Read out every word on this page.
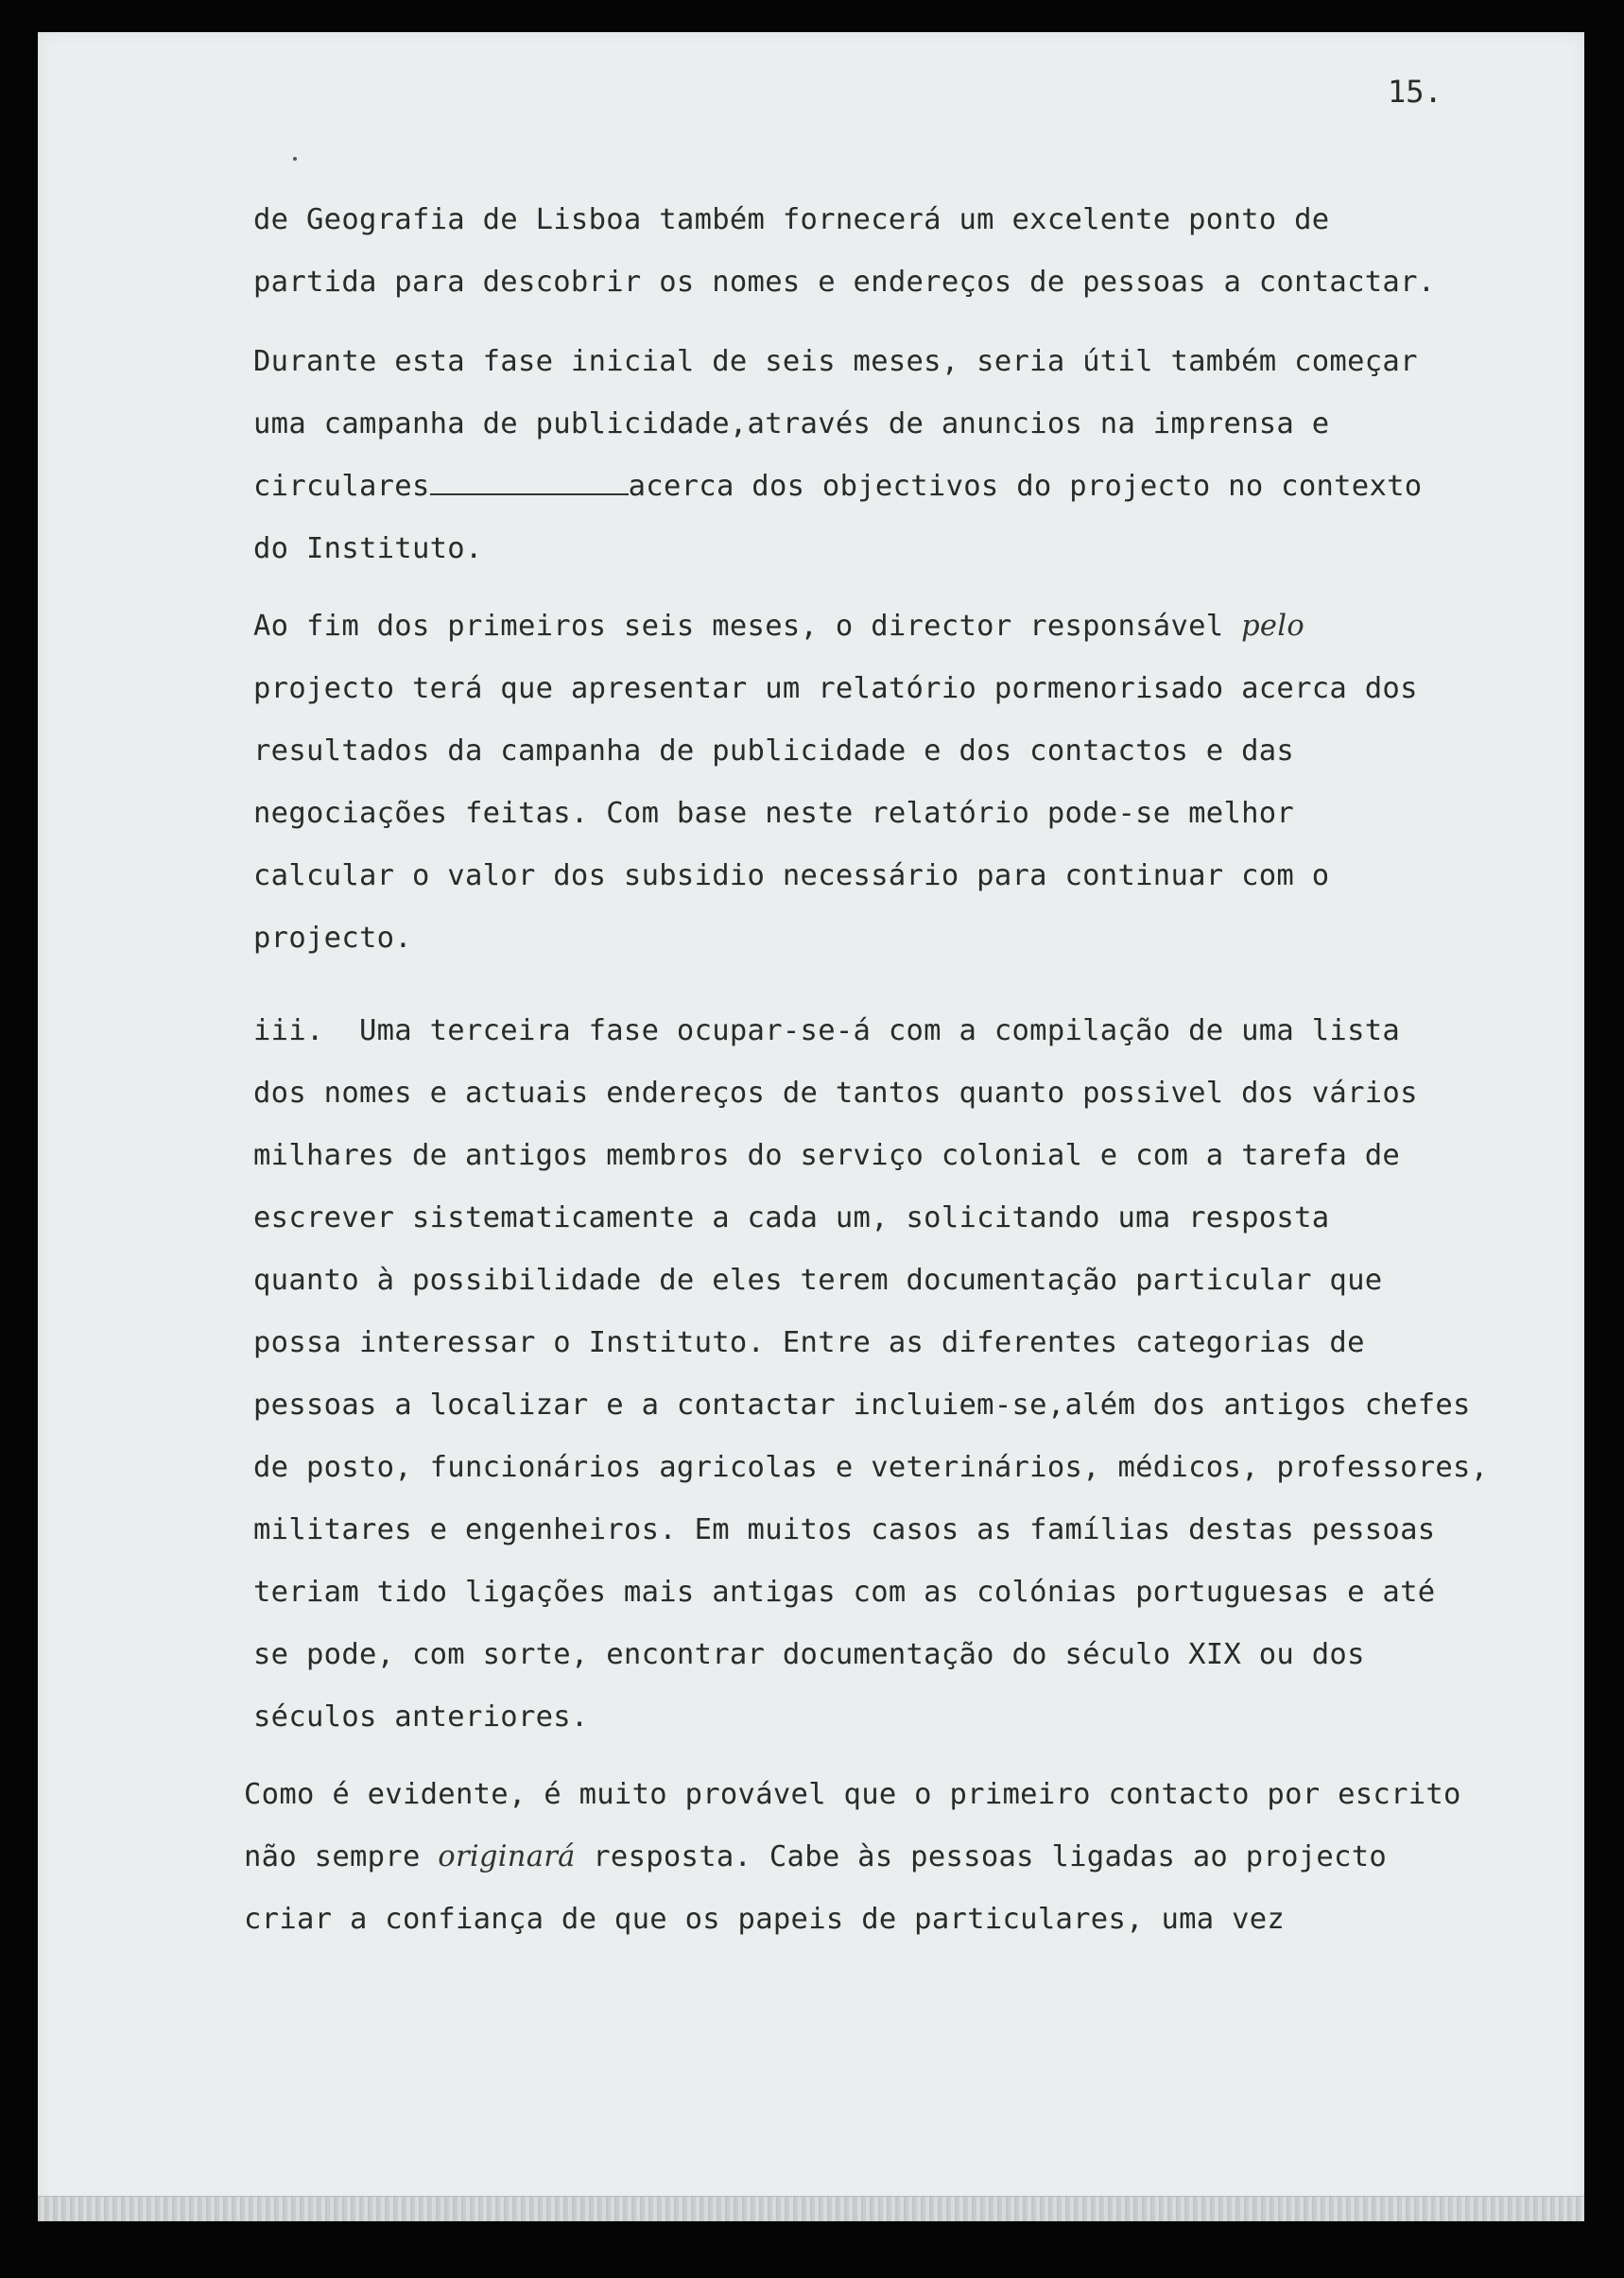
15.
de Geografia de Lisboa também fornecerá um excelente ponto de
partida para descobrir os nomes e endereços de pessoas a contactar.
Durante esta fase inicial de seis meses, seria útil também começar
uma campanha de publicidade,através de anuncios na imprensa e
circulares	acerca dos objectivos do projecto no contexto
do Instituto.
Ao fim dos primeiros seis meses, o director responsável pelo
projecto terá que apresentar um relatório pormenorisado acerca dos
resultados da campanha de publicidade e dos contactos e das
negociações feitas. Com base neste relatório pode-se melhor
calcular o valor dos subsidio necessário para continuar com o
projecto.
iii.  Uma terceira fase ocupar-se-á com a compilação de uma lista
dos nomes e actuais endereços de tantos quanto possivel dos vários
milhares de antigos membros do serviço colonial e com a tarefa de
escrever sistematicamente a cada um, solicitando uma resposta
quanto à possibilidade de eles terem documentação particular que
possa interessar o Instituto. Entre as diferentes categorias de
pessoas a localizar e a contactar incluiem-se,além dos antigos chefes
de posto, funcionários agricolas e veterinários, médicos, professores,
militares e engenheiros. Em muitos casos as famílias destas pessoas
teriam tido ligações mais antigas com as colónias portuguesas e até
se pode, com sorte, encontrar documentação do século XIX ou dos
séculos anteriores.
Como é evidente, é muito provável que o primeiro contacto por escrito
não sempre originará resposta. Cabe às pessoas ligadas ao projecto
criar a confiança de que os papeis de particulares, uma vez
